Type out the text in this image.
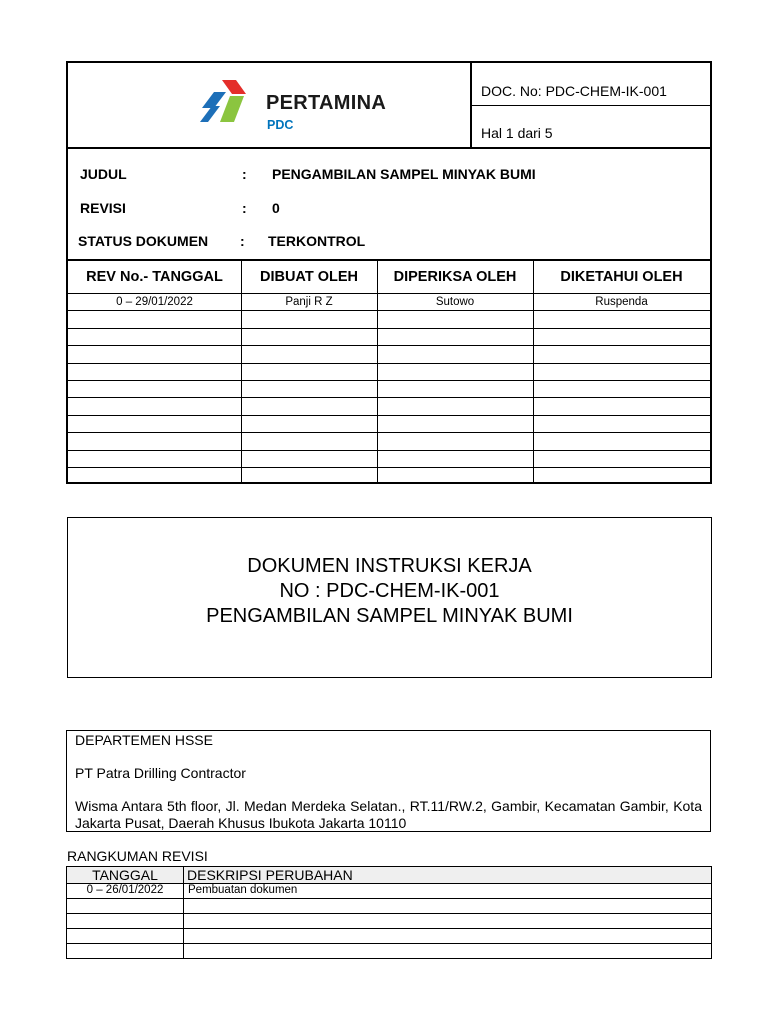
PERTAMINA
PDC
DOC. No: PDC-CHEM-IK-001
Hal 1 dari 5
JUDUL	: PENGAMBILAN SAMPEL MINYAK BUMI
REVISI	: 0
STATUS DOKUMEN : TERKONTROL
REV No.- TANGGAL	DIBUAT OLEH	DIPERIKSA OLEH	DIKETAHUI OLEH
0 – 29/01/2022	Panji R Z	Sutowo	Ruspenda
DOKUMEN INSTRUKSI KERJA
NO : PDC-CHEM-IK-001
PENGAMBILAN SAMPEL MINYAK BUMI
DEPARTEMEN HSSE
PT Patra Drilling Contractor
Wisma Antara 5th floor, Jl. Medan Merdeka Selatan., RT.11/RW.2, Gambir, Kecamatan Gambir, Kota Jakarta Pusat, Daerah Khusus Ibukota Jakarta 10110
RANGKUMAN REVISI
TANGGAL	DESKRIPSI PERUBAHAN
0 – 26/01/2022	Pembuatan dokumen
